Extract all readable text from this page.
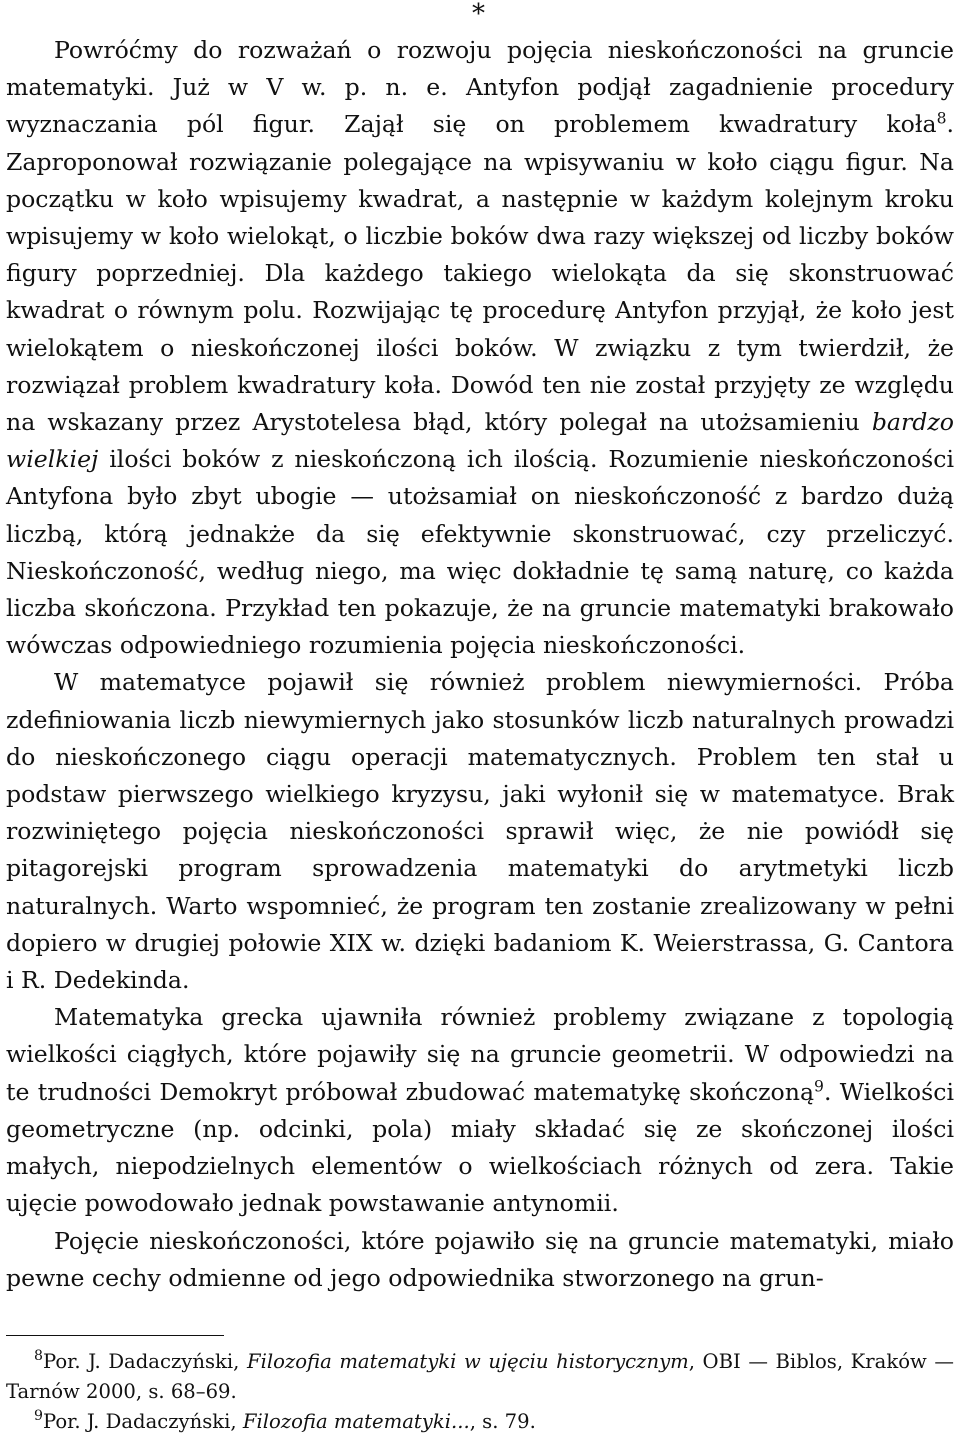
*

Powróćmy do rozważań o rozwoju pojęcia nieskończoności na gruncie matematyki. Już w V w. p. n. e. Antyfon podjął zagadnienie procedury wyznaczania pól figur. Zajął się on problemem kwadratury koła$^8$. Zaproponował rozwiązanie polegające na wpisywaniu w koło ciągu figur. Na początku w koło wpisujemy kwadrat, a następnie w każdym kolejnym kroku wpisujemy w koło wielokąt, o liczbie boków dwa razy większej od liczby boków figury poprzedniej. Dla każdego takiego wielokąta da się skonstruować kwadrat o równym polu. Rozwijając tę procedurę Antyfon przyjął, że koło jest wielokątem o nieskończonej ilości boków. W związku z tym twierdził, że rozwiązał problem kwadratury koła. Dowód ten nie został przyjęty ze względu na wskazany przez Arystotelesa błąd, który polegał na utożsamieniu bardzo wielkiej ilości boków z nieskończoną ich ilością. Rozumienie nieskończoności Antyfona było zbyt ubogie — utożsamiał on nieskończoność z bardzo dużą liczbą, którą jednakże da się efektywnie skonstruować, czy przeliczyć. Nieskończoność, według niego, ma więc dokładnie tę samą naturę, co każda liczba skończona. Przykład ten pokazuje, że na gruncie matematyki brakowało wówczas odpowiedniego rozumienia pojęcia nieskończoności.

W matematyce pojawił się również problem niewymierności. Próba zdefiniowania liczb niewymiernych jako stosunków liczb naturalnych prowadzi do nieskończonego ciągu operacji matematycznych. Problem ten stał u podstaw pierwszego wielkiego kryzysu, jaki wyłonił się w matematyce. Brak rozwiniętego pojęcia nieskończoności sprawił więc, że nie powiódł się pitagorejski program sprowadzenia matematyki do arytmetyki liczb naturalnych. Warto wspomnieć, że program ten zostanie zrealizowany w pełni dopiero w drugiej połowie XIX w. dzięki badaniom K. Weierstrassa, G. Cantora i R. Dedekinda.

Matematyka grecka ujawniła również problemy związane z topologią wielkości ciągłych, które pojawiły się na gruncie geometrii. W odpowiedzi na te trudności Demokryt próbował zbudować matematykę skończoną$^9$. Wielkości geometryczne (np. odcinki, pola) miały składać się ze skończonej ilości małych, niepodzielnych elementów o wielkościach różnych od zera. Takie ujęcie powodowało jednak powstawanie antynomii.

Pojęcie nieskończoności, które pojawiło się na gruncie matematyki, miało pewne cechy odmienne od jego odpowiednika stworzonego na grun-

$^8$Por. J. Dadaczyński, Filozofia matematyki w ujęciu historycznym, OBI — Biblos, Kraków — Tarnów 2000, s. 68–69.

$^9$Por. J. Dadaczyński, Filozofia matematyki..., s. 79.
